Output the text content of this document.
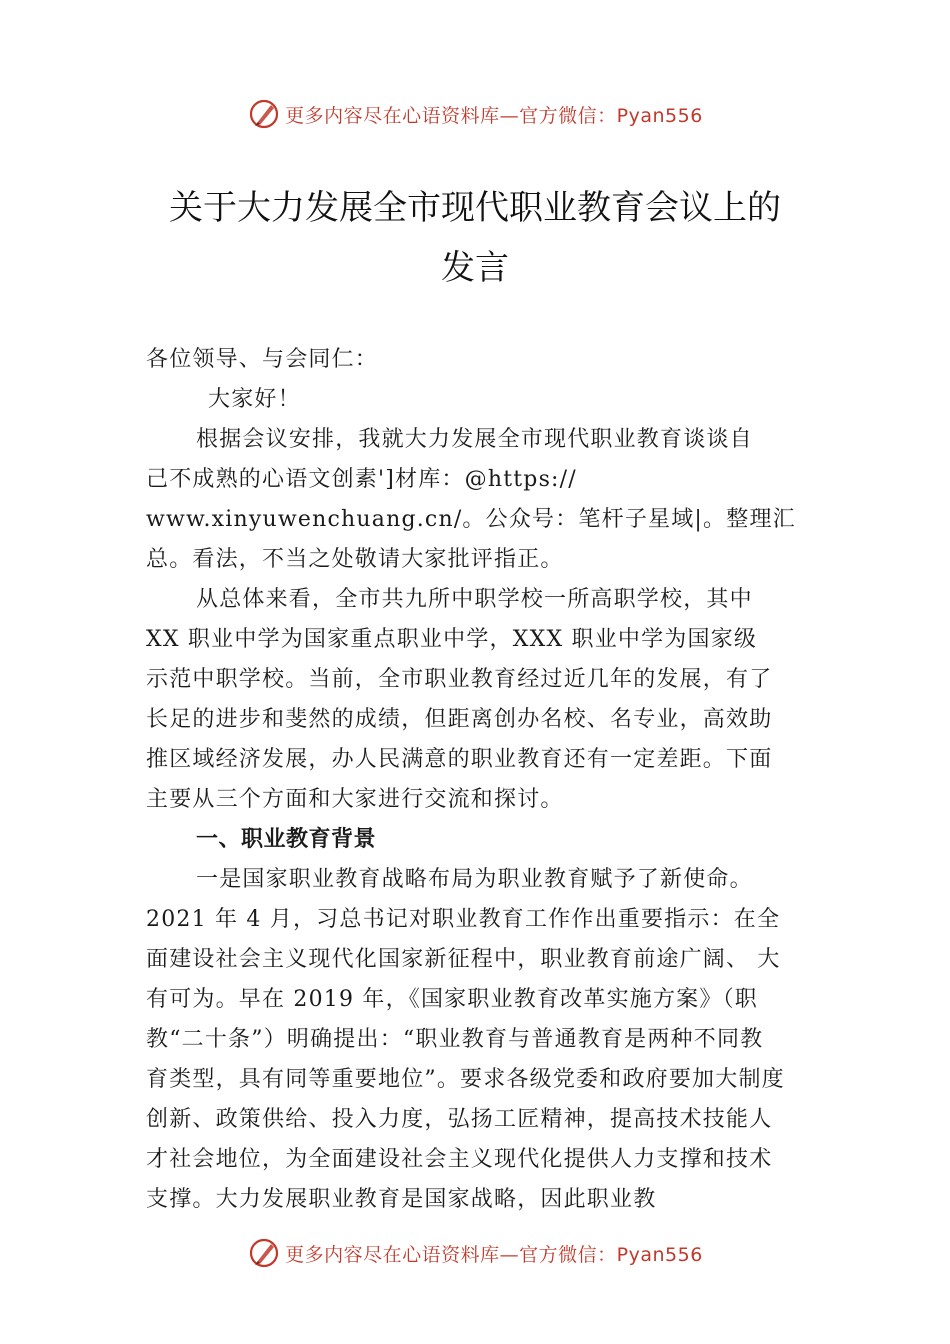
更多内容尽在心语资料库—官方微信：Pyan556
关于大力发展全市现代职业教育会议上的
发言
各位领导、与会同仁：
大家好！
根据会议安排，我就大力发展全市现代职业教育谈谈自
己不成熟的心语文创素']材库：@https://
www.xinyuwenchuang.cn/。公众号：笔杆子星域|。整理汇
总。看法，不当之处敬请大家批评指正。
从总体来看，全市共九所中职学校一所高职学校，其中
XX 职业中学为国家重点职业中学，XXX 职业中学为国家级
示范中职学校。当前，全市职业教育经过近几年的发展，有了
长足的进步和斐然的成绩，但距离创办名校、名专业，高效助
推区域经济发展，办人民满意的职业教育还有一定差距。下面
主要从三个方面和大家进行交流和探讨。
一、职业教育背景
一是国家职业教育战略布局为职业教育赋予了新使命。
2021 年 4 月，习总书记对职业教育工作作出重要指示：在全
面建设社会主义现代化国家新征程中，职业教育前途广阔、 大
有可为。早在 2019 年，《国家职业教育改革实施方案》（职
教“二十条”）明确提出：“职业教育与普通教育是两种不同教
育类型，具有同等重要地位”。要求各级党委和政府要加大制度
创新、政策供给、投入力度，弘扬工匠精神，提高技术技能人
才社会地位，为全面建设社会主义现代化提供人力支撑和技术
支撑。大力发展职业教育是国家战略，因此职业教
更多内容尽在心语资料库—官方微信：Pyan556
